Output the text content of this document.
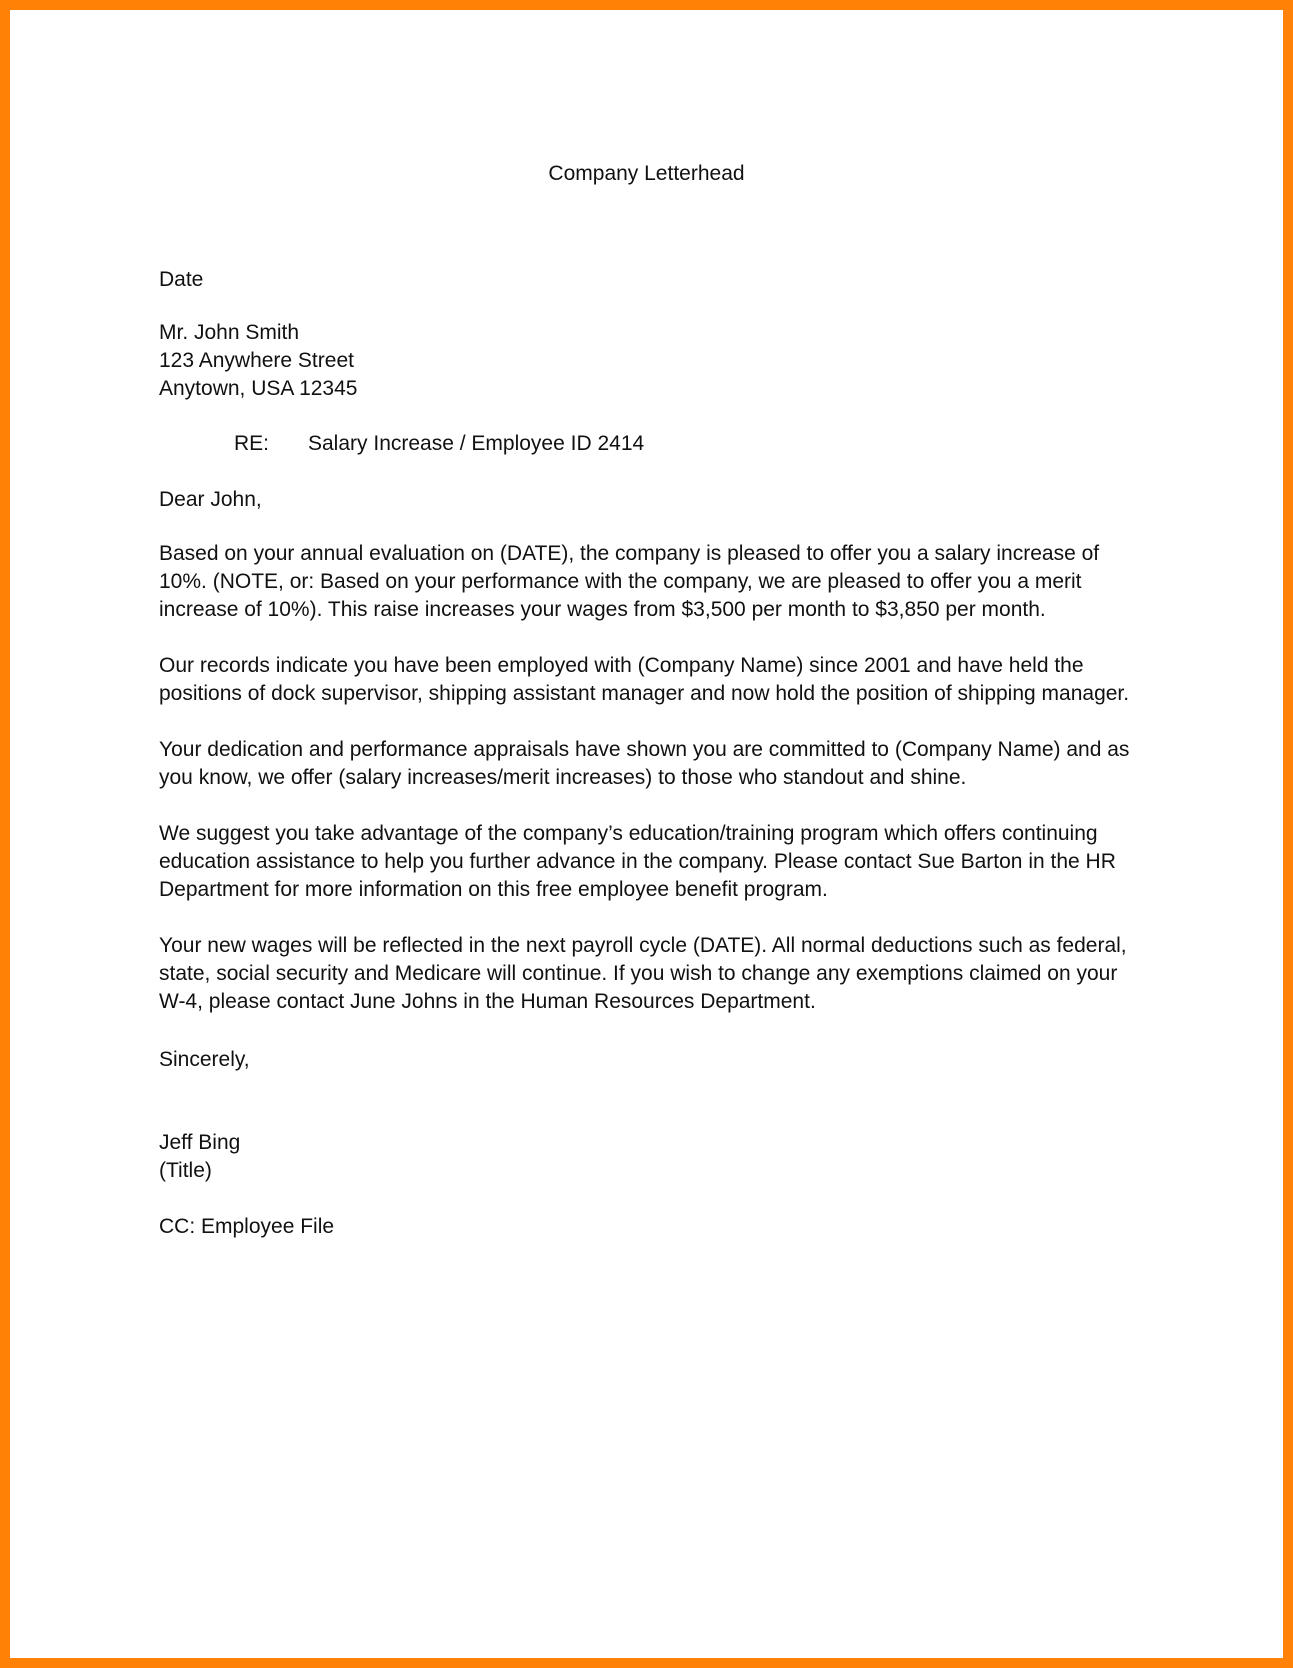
Company Letterhead

Date

Mr. John Smith
123 Anywhere Street
Anytown, USA 12345
RE: Salary Increase / Employee ID 2414

Dear John,

Based on your annual evaluation on (DATE), the company is pleased to offer you a salary increase of
10%. (NOTE, or: Based on your performance with the company, we are pleased to offer you a merit
increase of 10%). This raise increases your wages from $3,500 per month to $3,850 per month.
Our records indicate you have been employed with (Company Name) since 2001 and have held the
positions of dock supervisor, shipping assistant manager and now hold the position of shipping manager.
Your dedication and performance appraisals have shown you are committed to (Company Name) and as
you know, we offer (salary increases/merit increases) to those who standout and shine.
We suggest you take advantage of the company’s education/training program which offers continuing
education assistance to help you further advance in the company. Please contact Sue Barton in the HR
Department for more information on this free employee benefit program.
Your new wages will be reflected in the next payroll cycle (DATE). All normal deductions such as federal,
state, social security and Medicare will continue. If you wish to change any exemptions claimed on your
W-4, please contact June Johns in the Human Resources Department.

Sincerely,

Jeff Bing
(Title)

CC: Employee File
